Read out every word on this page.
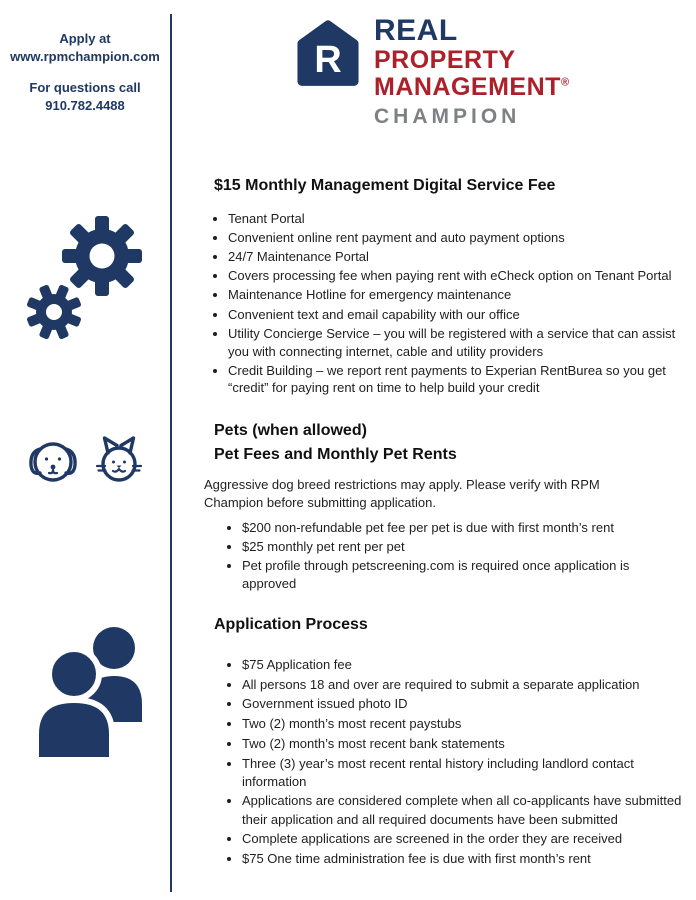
Apply at
www.rpmchampion.com
For questions call
910.782.4488
R
REAL
PROPERTY
MANAGEMENT®
CHAMPION
$15 Monthly Management Digital Service Fee
• Tenant Portal
• Convenient online rent payment and auto payment options
• 24/7 Maintenance Portal
• Covers processing fee when paying rent with eCheck option on Tenant Portal
• Maintenance Hotline for emergency maintenance
• Convenient text and email capability with our office
• Utility Concierge Service – you will be registered with a service that can assist you with connecting internet, cable and utility providers
• Credit Building – we report rent payments to Experian RentBurea so you get “credit” for paying rent on time to help build your credit
Pets (when allowed)
Pet Fees and Monthly Pet Rents

Aggressive dog breed restrictions may apply. Please verify with RPM Champion before submitting application.

• $200 non-refundable pet fee per pet is due with first month’s rent
• $25 monthly pet rent per pet
• Pet profile through petscreening.com is required once application is approved
Application Process
• $75 Application fee
• All persons 18 and over are required to submit a separate application
• Government issued photo ID
• Two (2) month’s most recent paystubs
• Two (2) month’s most recent bank statements
• Three (3) year’s most recent rental history including landlord contact information
• Applications are considered complete when all co-applicants have submitted their application and all required documents have been submitted
• Complete applications are screened in the order they are received
• $75 One time administration fee is due with first month’s rent
